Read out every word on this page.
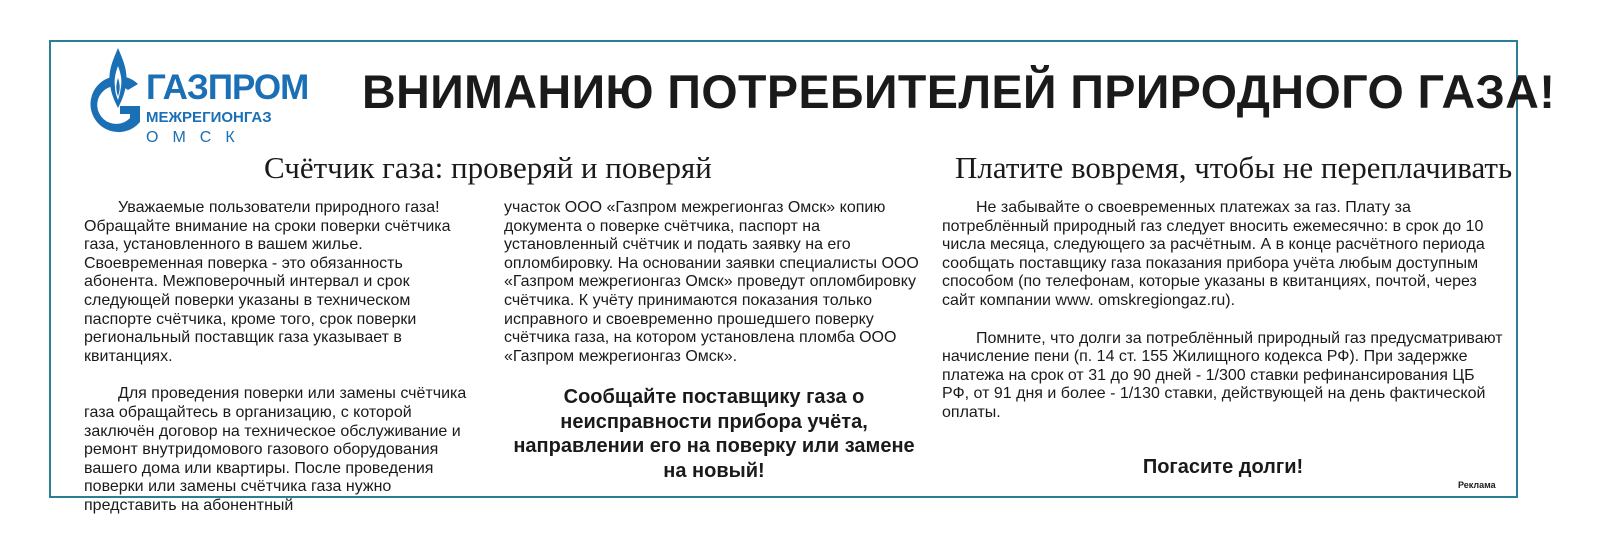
ГАЗПРОМ
МЕЖРЕГИОНГАЗ
ОМСК
ВНИМАНИЮ ПОТРЕБИТЕЛЕЙ ПРИРОДНОГО ГАЗА!
Счётчик газа: проверяй и поверяй	Платите вовремя, чтобы не переплачивать

Уважаемые пользователи природного газа! Обращайте внимание на сроки поверки счётчика газа, установленного в вашем жилье. Своевременная поверка - это обязанность абонента. Межповерочный интервал и срок следующей поверки указаны в техническом паспорте счётчика, кроме того, срок поверки региональный поставщик газа указывает в квитанциях.

Для проведения поверки или замены счётчика газа обращайтесь в организацию, с которой заключён договор на техническое обслуживание и ремонт внутридомового газового оборудования вашего дома или квартиры. После проведения поверки или замены счётчика газа нужно представить на абонентный

участок ООО «Газпром межрегионгаз Омск» копию документа о поверке счётчика, паспорт на установленный счётчик и подать заявку на его опломбировку. На основании заявки специалисты ООО «Газпром межрегионгаз Омск» проведут опломбировку счётчика. К учёту принимаются показания только исправного и своевременно прошедшего поверку счётчика газа, на котором установлена пломба ООО «Газпром межрегионгаз Омск».

Сообщайте поставщику газа о неисправности прибора учёта, направлении его на поверку или замене на новый!

Не забывайте о своевременных платежах за газ. Плату за потреблённый природный газ следует вносить ежемесячно: в срок до 10 числа месяца, следующего за расчётным. А в конце расчётного периода сообщать поставщику газа показания прибора учёта любым доступным способом (по телефонам, которые указаны в квитанциях, почтой, через сайт компании www. omskregiongaz.ru).

Помните, что долги за потреблённый природный газ предусматривают начисление пени (п. 14 ст. 155 Жилищного кодекса РФ). При задержке платежа на срок от 31 до 90 дней - 1/300 ставки рефинансирования ЦБ РФ, от 91 дня и более - 1/130 ставки, действующей на день фактической оплаты.

Погасите долги!
Реклама
